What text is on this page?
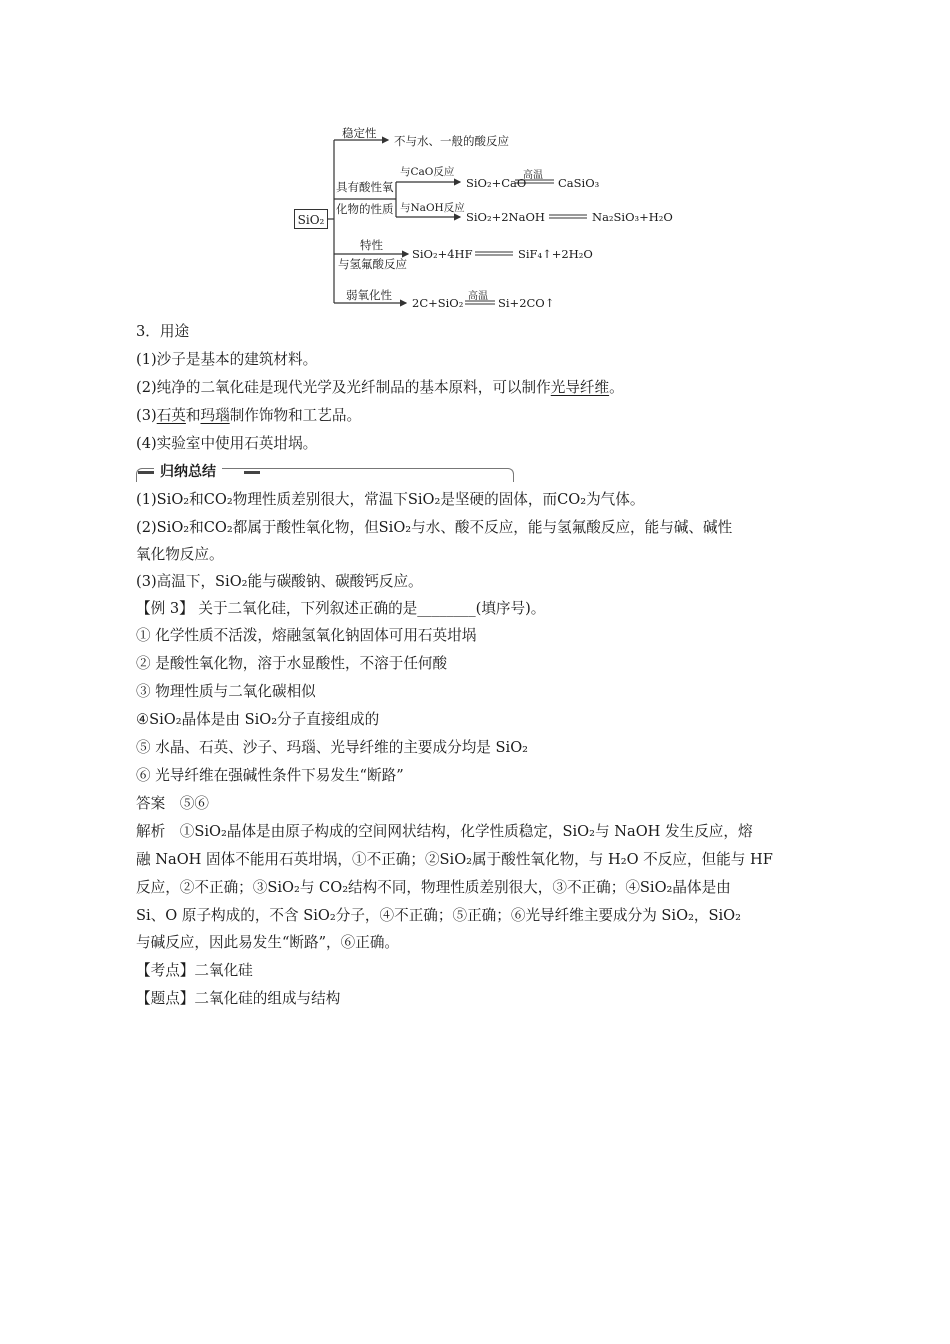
SiO₂
稳定性
不与水、一般的酸反应
具有酸性氧
化物的性质
与CaO反应
SiO₂+CaO
高温
CaSiO₃
与NaOH反应
SiO₂+2NaOH	Na₂SiO₃+H₂O
特性
与氢氟酸反应
SiO₂+4HF	SiF₄↑+2H₂O
弱氧化性
2C+SiO₂ 高温 Si+2CO↑
3．用途
(1)沙子是基本的建筑材料。
(2)纯净的二氧化硅是现代光学及光纤制品的基本原料，可以制作光导纤维。
(3)石英和玛瑙制作饰物和工艺品。
(4)实验室中使用石英坩埚。
归纳总结
(1)SiO₂和CO₂物理性质差别很大，常温下SiO₂是坚硬的固体，而CO₂为气体。
(2)SiO₂和CO₂都属于酸性氧化物，但SiO₂与水、酸不反应，能与氢氟酸反应，能与碱、碱性
氧化物反应。
(3)高温下，SiO₂能与碳酸钠、碳酸钙反应。
【例 3】 关于二氧化硅，下列叙述正确的是________(填序号)。
① 化学性质不活泼，熔融氢氧化钠固体可用石英坩埚
② 是酸性氧化物，溶于水显酸性，不溶于任何酸
③ 物理性质与二氧化碳相似
④SiO₂晶体是由 SiO₂分子直接组成的
⑤ 水晶、石英、沙子、玛瑙、光导纤维的主要成分均是 SiO₂
⑥ 光导纤维在强碱性条件下易发生“断路”
答案　⑤⑥
解析　①SiO₂晶体是由原子构成的空间网状结构，化学性质稳定，SiO₂与 NaOH 发生反应，熔
融 NaOH 固体不能用石英坩埚，①不正确；②SiO₂属于酸性氧化物，与 H₂O 不反应，但能与 HF
反应，②不正确；③SiO₂与 CO₂结构不同，物理性质差别很大，③不正确；④SiO₂晶体是由
Si、O 原子构成的，不含 SiO₂分子，④不正确；⑤正确；⑥光导纤维主要成分为 SiO₂，SiO₂
与碱反应，因此易发生“断路”，⑥正确。
【考点】二氧化硅
【题点】二氧化硅的组成与结构
